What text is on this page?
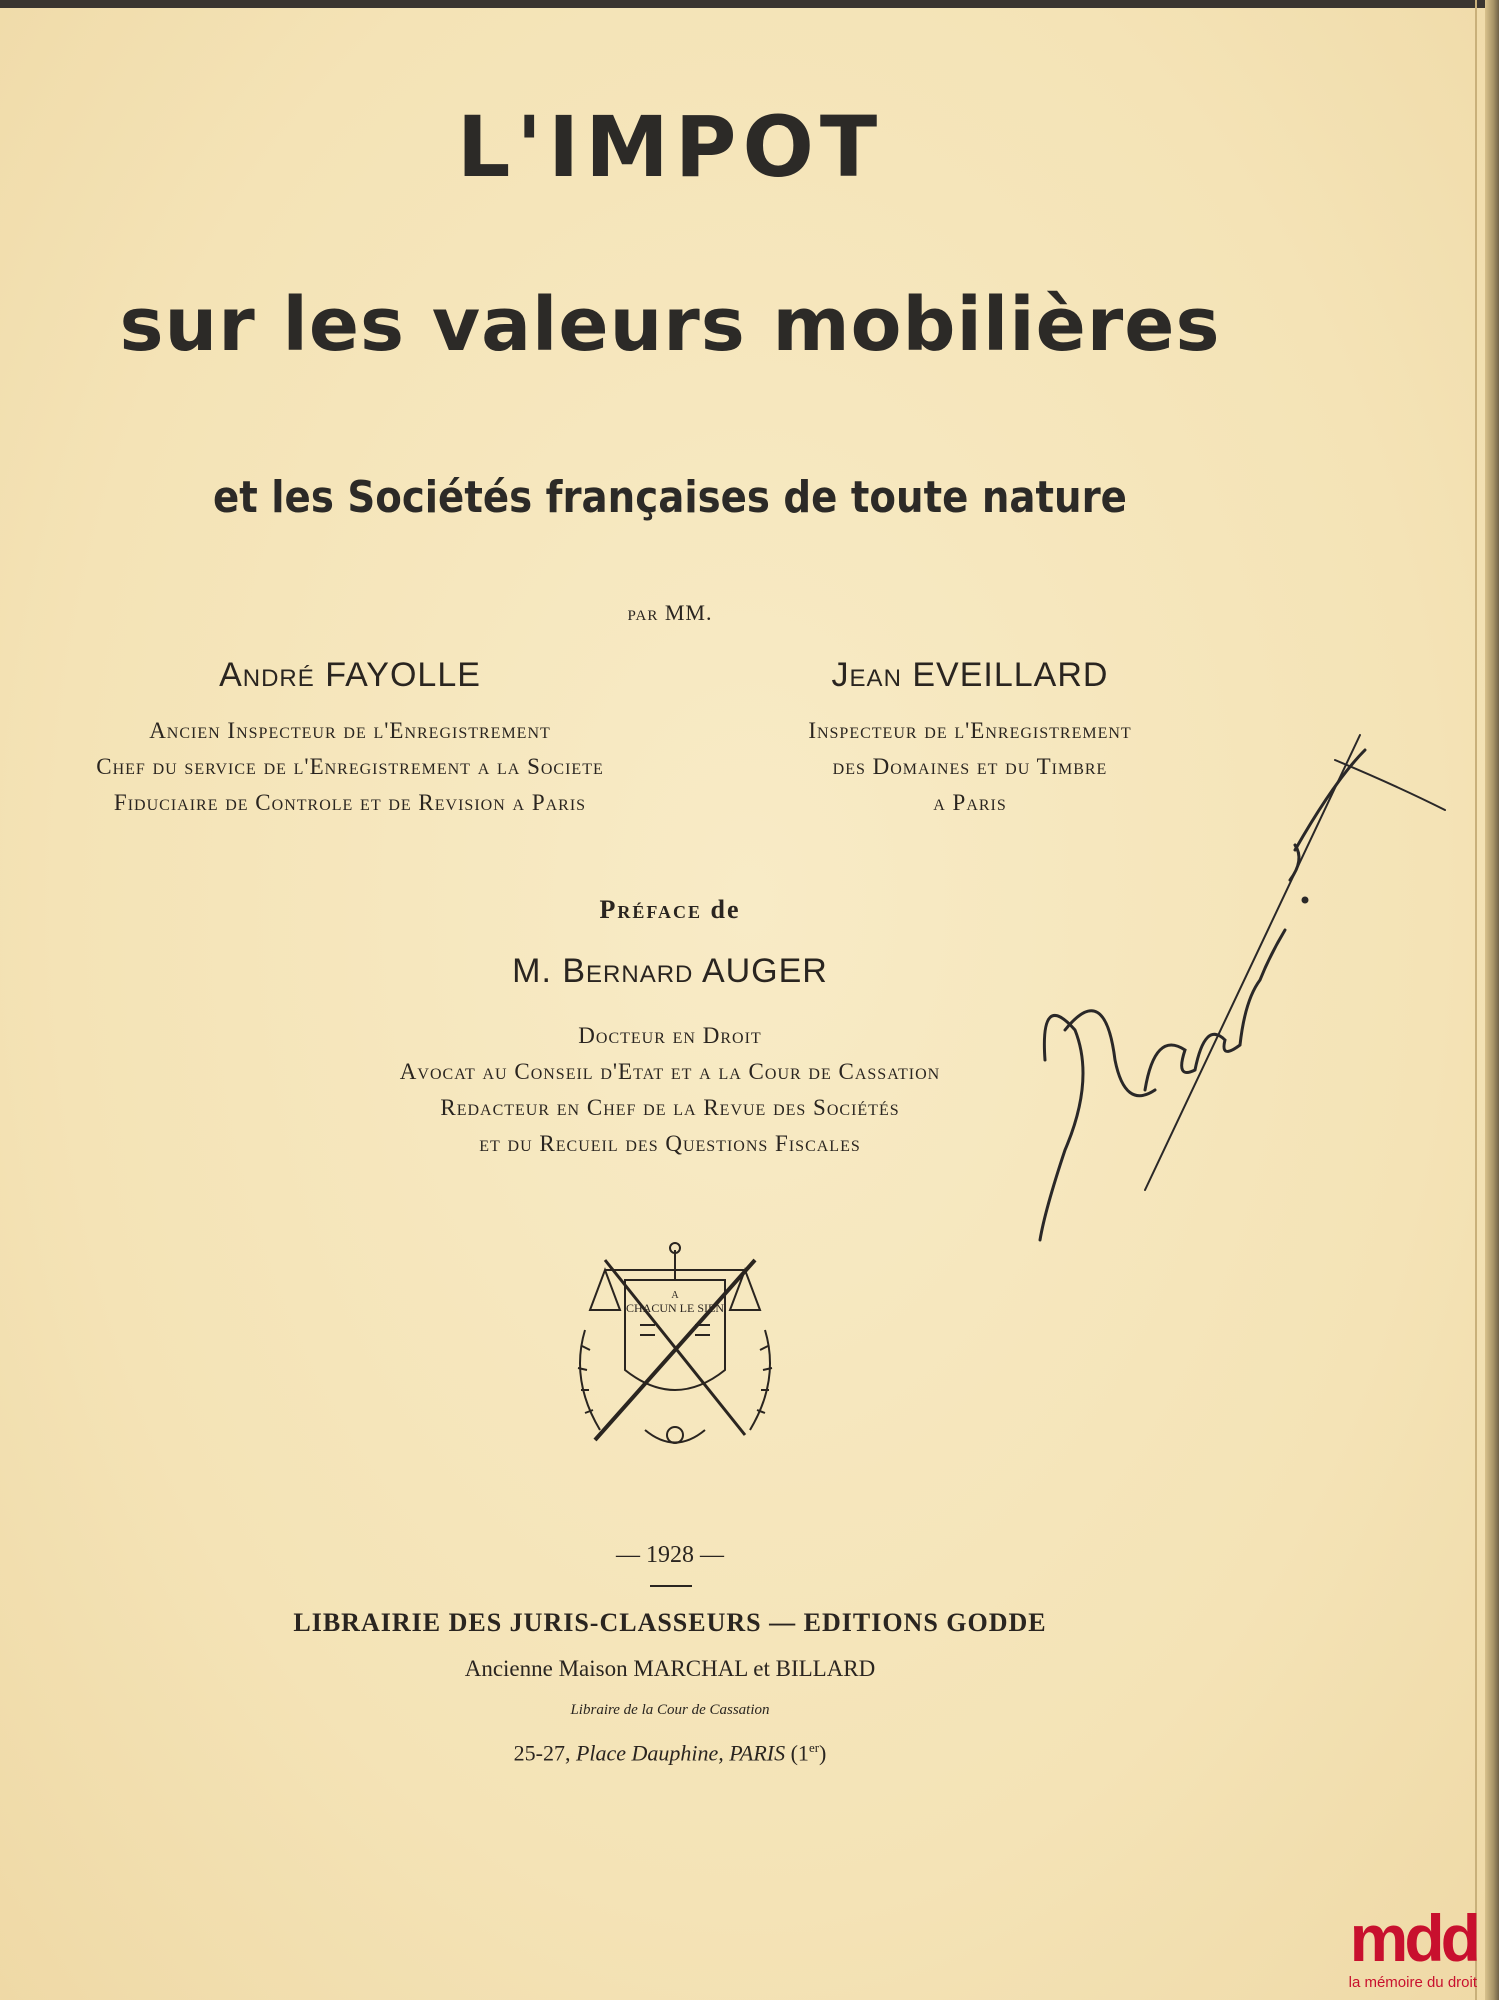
L'IMPOT
sur les valeurs mobilières
et les Sociétés françaises de toute nature
par MM.
André FAYOLLE
Ancien Inspecteur de l'Enregistrement
Chef du service de l'Enregistrement a la Societe
Fiduciaire de Controle et de Revision a Paris
Jean EVEILLARD
Inspecteur de l'Enregistrement
des Domaines et du Timbre
a Paris
Préface de
M. Bernard AUGER
Docteur en Droit
Avocat au Conseil d'Etat et a la Cour de Cassation
Redacteur en Chef de la Revue des Sociétés
et du Recueil des Questions Fiscales
A
CHACUN LE SIEN
— 1928 —
LIBRAIRIE DES JURIS-CLASSEURS — EDITIONS GODDE
Ancienne Maison MARCHAL et BILLARD
Libraire de la Cour de Cassation
25-27, Place Dauphine, PARIS (1er)
mdd
la mémoire du droit
